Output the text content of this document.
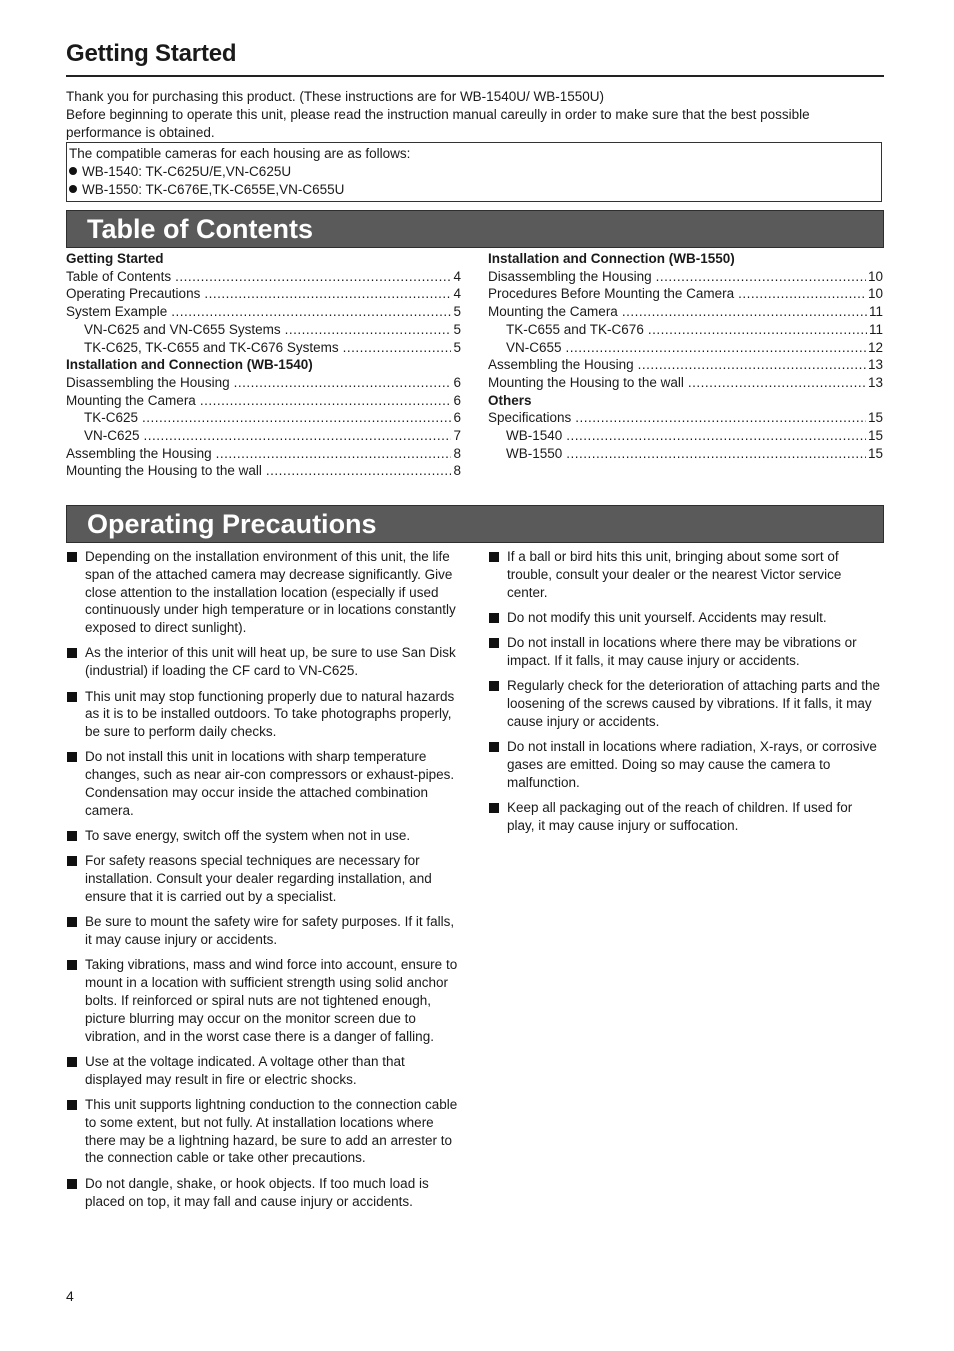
Getting Started

Thank you for purchasing this product. (These instructions are for WB-1540U/ WB-1550U)

Before beginning to operate this unit, please read the instruction manual careully in order to make sure that the best possible performance is obtained.

The compatible cameras for each housing are as follows:
WB-1540: TK-C625U/E,VN-C625U
WB-1550: TK-C676E,TK-C655E,VN-C655U
Table of Contents
Getting Started
Table of Contents .....	4
Operating Precautions .....	4
System Example .....	5
VN-C625 and VN-C655 Systems .....	5
TK-C625, TK-C655 and TK-C676 Systems .....	5
Installation and Connection (WB-1540)
Disassembling the Housing .....	6
Mounting the Camera .....	6
TK-C625 .....	6
VN-C625 .....	7
Assembling the Housing .....	8
Mounting the Housing to the wall .....	8
Installation and Connection (WB-1550)
Disassembling the Housing .....	10
Procedures Before Mounting the Camera .....	10
Mounting the Camera .....	11
TK-C655 and TK-C676 .....	11
VN-C655 .....	12
Assembling the Housing .....	13
Mounting the Housing to the wall .....	13
Others
Specifications .....	15
WB-1540 .....	15
WB-1550 .....	15
Operating Precautions
Depending on the installation environment of this unit, the life span of the attached camera may decrease significantly. Give close attention to the installation location (especially if used continuously under high temperature or in locations constantly exposed to direct sunlight).
As the interior of this unit will heat up, be sure to use San Disk (industrial) if loading the CF card to VN-C625.
This unit may stop functioning properly due to natural hazards as it is to be installed outdoors. To take photographs properly, be sure to perform daily checks.
Do not install this unit in locations with sharp temperature changes, such as near air-con compressors or exhaust-pipes. Condensation may occur inside the attached combination camera.
To save energy, switch off the system when not in use.
For safety reasons special techniques are necessary for installation. Consult your dealer regarding installation, and ensure that it is carried out by a specialist.
Be sure to mount the safety wire for safety purposes. If it falls, it may cause injury or accidents.
Taking vibrations, mass and wind force into account, ensure to mount in a location with sufficient strength using solid anchor bolts. If reinforced or spiral nuts are not tightened enough, picture blurring may occur on the monitor screen due to vibration, and in the worst case there is a danger of falling.
Use at the voltage indicated. A voltage other than that displayed may result in fire or electric shocks.
This unit supports lightning conduction to the connection cable to some extent, but not fully. At installation locations where there may be a lightning hazard, be sure to add an arrester to the connection cable or take other precautions.
Do not dangle, shake, or hook objects. If too much load is placed on top, it may fall and cause injury or accidents.
If a ball or bird hits this unit, bringing about some sort of trouble, consult your dealer or the nearest Victor service center.
Do not modify this unit yourself. Accidents may result.
Do not install in locations where there may be vibrations or impact. If it falls, it may cause injury or accidents.
Regularly check for the deterioration of attaching parts and the loosening of the screws caused by vibrations. If it falls, it may cause injury or accidents.
Do not install in locations where radiation, X-rays, or corrosive gases are emitted. Doing so may cause the camera to malfunction.
Keep all packaging out of the reach of children. If used for play, it may cause injury or suffocation.
4
